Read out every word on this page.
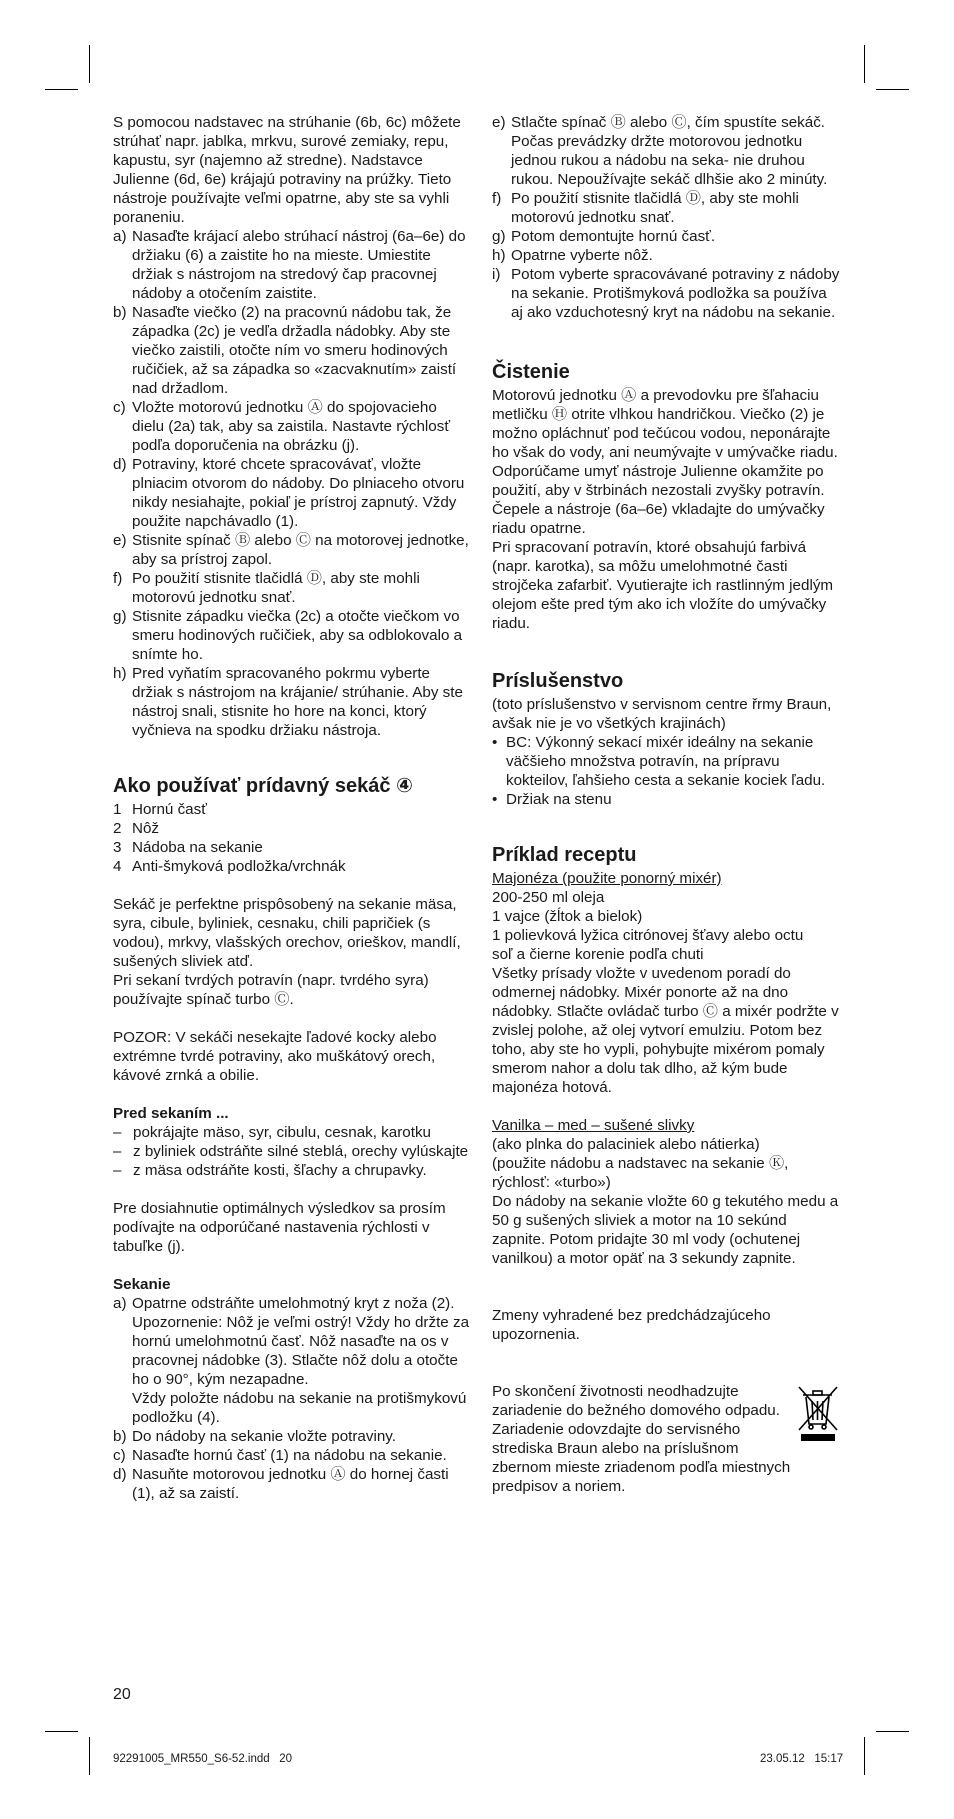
S pomocou nadstavec na strúhanie (6b, 6c) môžete strúhať napr. jablka, mrkvu, surové zemiaky, repu, kapustu, syr (najemno až stredne). Nadstavce Julienne (6d, 6e) krájajú potraviny na prúžky. Tieto nástroje používajte veľmi opatrne, aby ste sa vyhli poraneniu.

a) Nasaďte krájací alebo strúhací nástroj (6a–6e) do držiaku (6) a zaistite ho na mieste. Umiestite držiak s nástrojom na stredový čap pracovnej nádoby a otočením zaistite.
b) Nasaďte viečko (2) na pracovnú nádobu tak, že západka (2c) je vedľa držadla nádobky. Aby ste viečko zaistili, otočte ním vo smeru hodinových ručičiek, až sa západka so «zacvaknutím» zaistí nad držadlom.
c) Vložte motorovú jednotku Ⓐ do spojovacieho dielu (2a) tak, aby sa zaistila. Nastavte rýchlosť podľa doporučenia na obrázku (j).
d) Potraviny, ktoré chcete spracovávať, vložte plniacim otvorom do nádoby. Do plniaceho otvoru nikdy nesiahajte, pokiaľ je prístroj zapnutý. Vždy použite napchávadlo (1).
e) Stisnite spínač Ⓑ alebo Ⓒ na motorovej jednotke, aby sa prístroj zapol.
f) Po použití stisnite tlačidlá Ⓓ, aby ste mohli motorovú jednotku snať.
g) Stisnite západku viečka (2c) a otočte viečkom vo smeru hodinových ručičiek, aby sa odblokovalo a snímte ho.
h) Pred vyňatím spracovaného pokrmu vyberte držiak s nástrojom na krájanie/ strúhanie. Aby ste nástroj snali, stisnite ho hore na konci, ktorý vyčnieva na spodku držiaku nástroja.
Ako používať prídavný sekáč ④
1 Hornú časť
2 Nôž
3 Nádoba na sekanie
4 Anti-šmyková podložka/vrchnák

Sekáč je perfektne prispôsobený na sekanie mäsa, syra, cibule, byliniek, cesnaku, chili papričiek (s vodou), mrkvy, vlašských orechov, orieškov, mandlí, sušených sliviek atď.

Pri sekaní tvrdých potravín (napr. tvrdého syra) používajte spínač turbo Ⓒ.

POZOR: V sekáči nesekajte ľadové kocky alebo extrémne tvrdé potraviny, ako muškátový orech, kávové zrnká a obilie.

Pred sekaním ...
– pokrájajte mäso, syr, cibulu, cesnak, karotku
– z byliniek odstráňte silné steblá, orechy vylúskajte
– z mäsa odstráňte kosti, šľachy a chrupavky.

Pre dosiahnutie optimálnych výsledkov sa prosím podívajte na odporúčané nastavenia rýchlosti v tabuľke (j).

Sekanie
a) Opatrne odstráňte umelohmotný kryt z noža (2). Upozornenie: Nôž je veľmi ostrý! Vždy ho držte za hornú umelohmotnú časť. Nôž nasaďte na os v pracovnej nádobke (3). Stlačte nôž dolu a otočte ho o 90°, kým nezapadne.
Vždy položte nádobu na sekanie na protišmykovú podložku (4).
b) Do nádoby na sekanie vložte potraviny.
c) Nasaďte hornú časť (1) na nádobu na sekanie.
d) Nasuňte motorovou jednotku Ⓐ do hornej časti (1), až sa zaistí.
e) Stlačte spínač Ⓑ alebo Ⓒ, čím spustíte sekáč. Počas prevádzky držte motorovou jednotku jednou rukou a nádobu na seka- nie druhou rukou. Nepoužívajte sekáč dlhšie ako 2 minúty.
f) Po použití stisnite tlačidlá Ⓓ, aby ste mohli motorovú jednotku snať.
g) Potom demontujte hornú časť.
h) Opatrne vyberte nôž.
i) Potom vyberte spracovávané potraviny z nádoby na sekanie. Protišmyková podložka sa používa aj ako vzduchotesný kryt na nádobu na sekanie.
Čistenie

Motorovú jednotku Ⓐ a prevodovku pre šľahaciu metličku Ⓗ otrite vlhkou handričkou. Viečko (2) je možno opláchnuť pod tečúcou vodou, neponárajte ho však do vody, ani neumývajte v umývačke riadu.

Odporúčame umyť nástroje Julienne okamžite po použití, aby v štrbinách nezostali zvyšky potravín. Čepele a nástroje (6a–6e) vkladajte do umývačky riadu opatrne.

Pri spracovaní potravín, ktoré obsahujú farbivá (napr. karotka), sa môžu umelohmotné časti strojčeka zafarbiť. Vyutierajte ich rastlinným jedlým olejom ešte pred tým ako ich vložíte do umývačky riadu.

Príslušenstvo

(toto príslušenstvo v servisnom centre řrmy Braun, avšak nie je vo všetkých krajinách)

• BC: Výkonný sekací mixér ideálny na sekanie väčšieho množstva potravín, na prípravu kokteilov, ľahšieho cesta a sekanie kociek ľadu.
• Držiak na stenu
Príklad receptu

Majonéza (použite ponorný mixér)

200-250 ml oleja

1 vajce (žĺtok a bielok)

1 polievková lyžica citrónovej šťavy alebo octu

soľ a čierne korenie podľa chuti

Všetky prísady vložte v uvedenom poradí do odmernej nádobky. Mixér ponorte až na dno nádobky. Stlačte ovládač turbo Ⓒ a mixér podržte v zvislej polohe, až olej vytvorí emulziu. Potom bez toho, aby ste ho vypli, pohybujte mixérom pomaly smerom nahor a dolu tak dlho, až kým bude majonéza hotová.

Vanilka – med – sušené slivky

(ako plnka do palaciniek alebo nátierka)

(použite nádobu a nadstavec na sekanie Ⓚ, rýchlosť: «turbo»)

Do nádoby na sekanie vložte 60 g tekutého medu a 50 g sušených sliviek a motor na 10 sekúnd zapnite. Potom pridajte 30 ml vody (ochutenej vanilkou) a motor opäť na 3 sekundy zapnite.

Zmeny vyhradené bez predchádzajúceho upozornenia.

Po skončení životnosti neodhadzujte zariadenie do bežného domového odpadu. Zariadenie odovzdajte do servisného strediska Braun alebo na príslušnom zbernom mieste zriadenom podľa miestnych predpisov a noriem.

20
92291005_MR550_S6-52.indd   20	23.05.12   15:17
